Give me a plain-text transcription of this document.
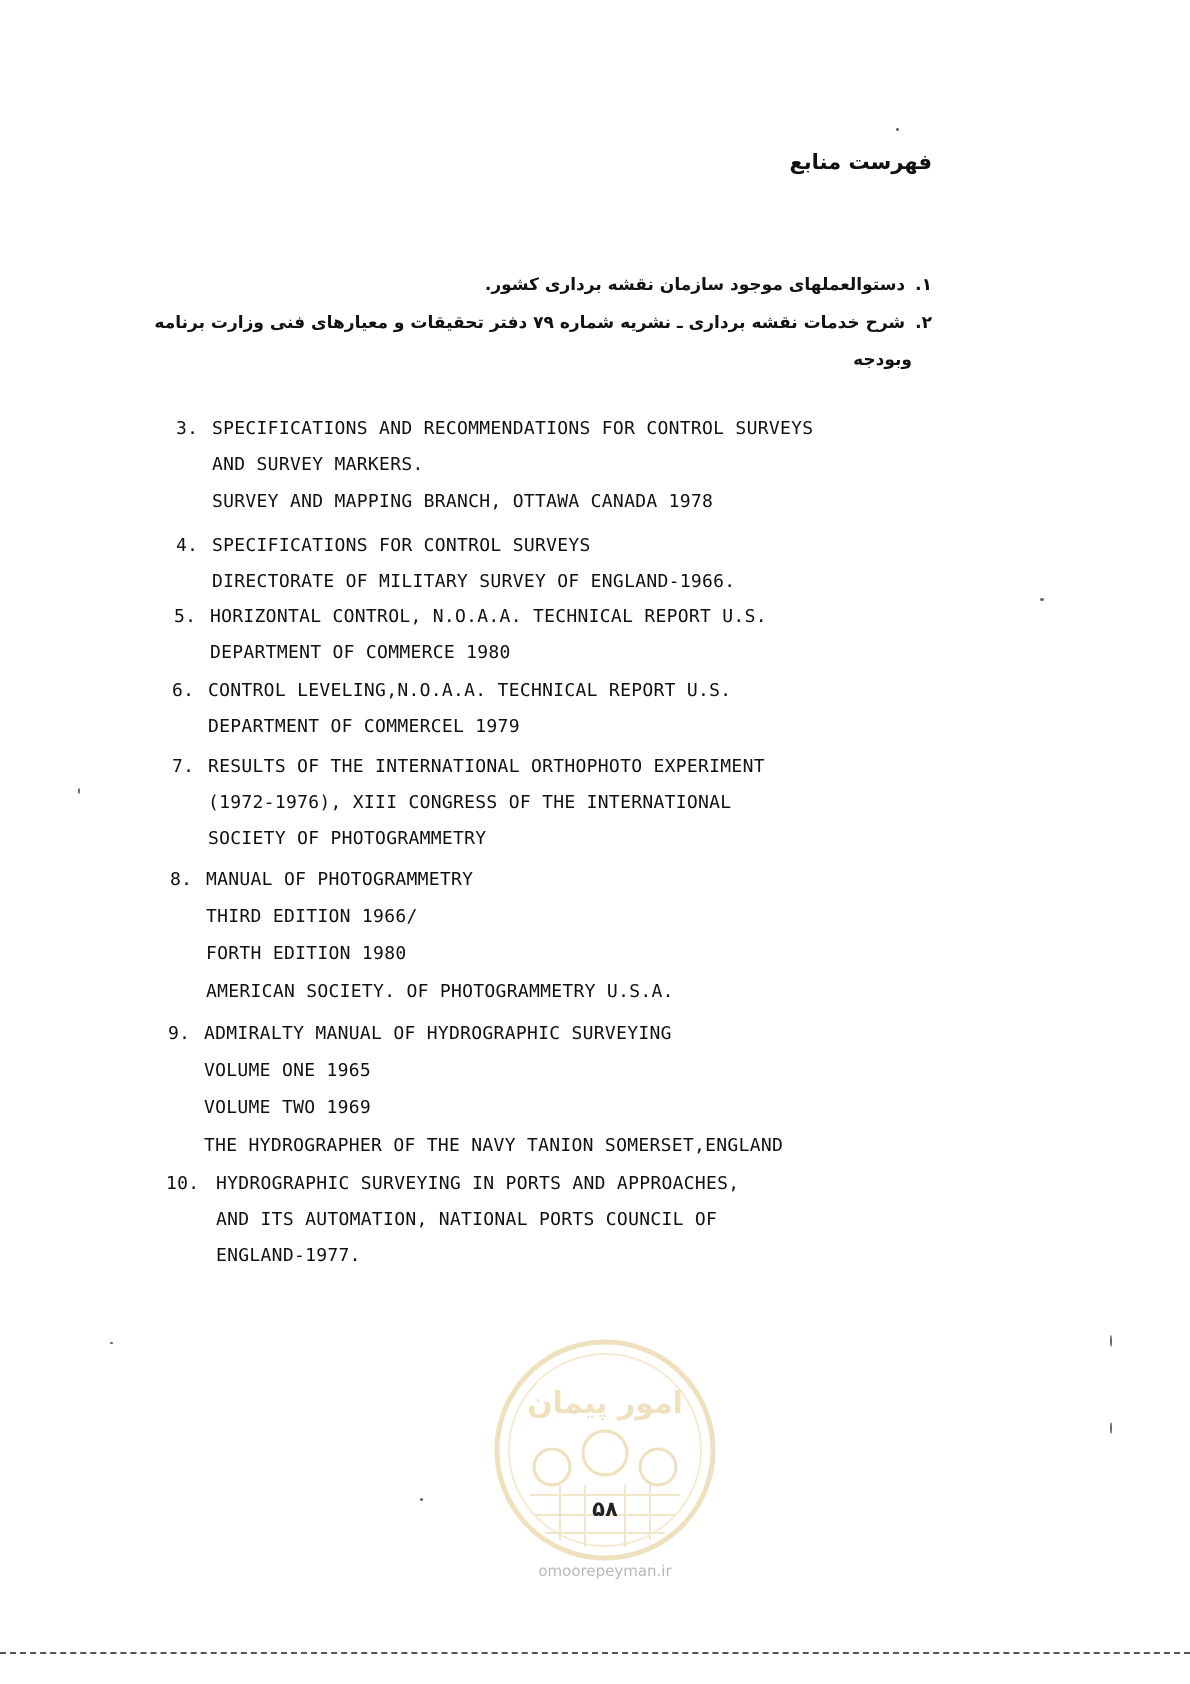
فهرست منابع
۱.دستوالعملهای موجود سازمان نقشه برداری کشور.
۲.شرح خدمات نقشه برداری ـ نشریه شماره ۷۹ دفتر تحقیقات و معیارهای فنی وزارت برنامه
وبودجه
3. SPECIFICATIONS AND RECOMMENDATIONS FOR CONTROL SURVEYS
AND SURVEY MARKERS.
SURVEY AND MAPPING BRANCH, OTTAWA CANADA 1978
4. SPECIFICATIONS FOR CONTROL SURVEYS
DIRECTORATE OF MILITARY SURVEY OF ENGLAND-1966.
5. HORIZONTAL CONTROL, N.O.A.A. TECHNICAL REPORT U.S.
DEPARTMENT OF COMMERCE 1980
6. CONTROL LEVELING,N.O.A.A. TECHNICAL REPORT U.S.
DEPARTMENT OF COMMERCEL 1979
7. RESULTS OF THE INTERNATIONAL ORTHOPHOTO EXPERIMENT
(1972-1976), XIII CONGRESS OF THE INTERNATIONAL
SOCIETY OF PHOTOGRAMMETRY
8. MANUAL OF PHOTOGRAMMETRY
THIRD EDITION 1966/
FORTH EDITION 1980
AMERICAN SOCIETY. OF PHOTOGRAMMETRY U.S.A.
9. ADMIRALTY MANUAL OF HYDROGRAPHIC SURVEYING
VOLUME ONE 1965
VOLUME TWO 1969
THE HYDROGRAPHER OF THE NAVY TANION SOMERSET,ENGLAND
10. HYDROGRAPHIC SURVEYING IN PORTS AND APPROACHES,
AND ITS AUTOMATION, NATIONAL PORTS COUNCIL OF
ENGLAND-1977.
امور پیمان
۵۸
omoorepeyman.ir
